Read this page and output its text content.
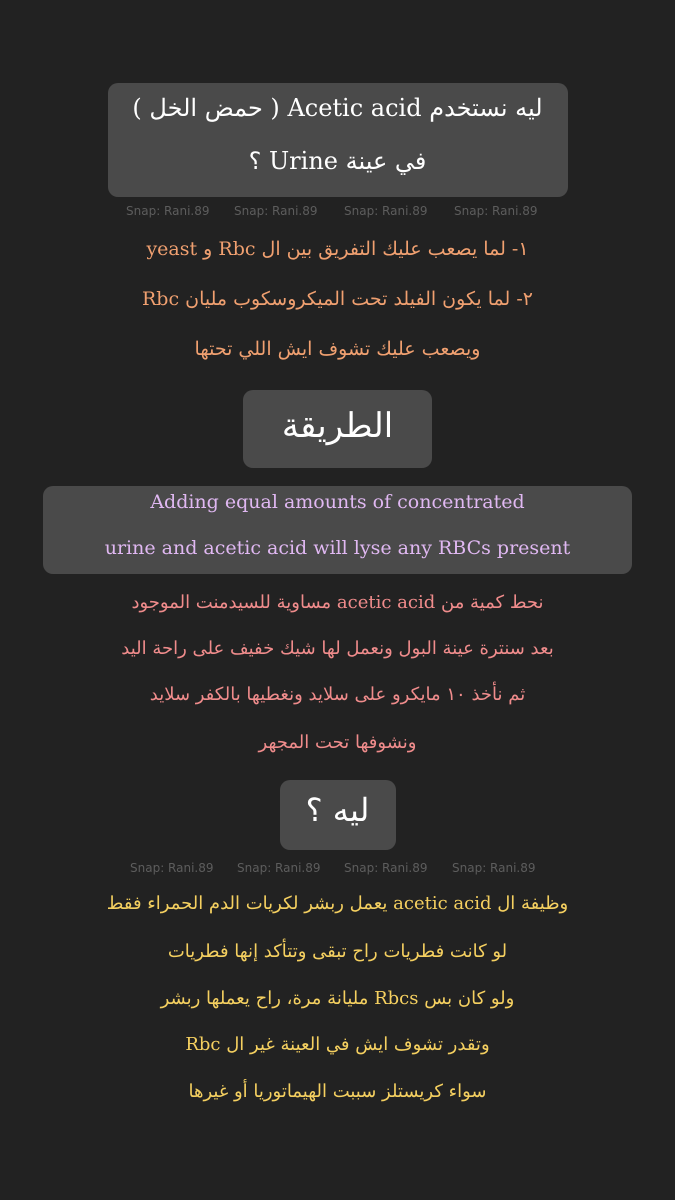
ليه نستخدم Acetic acid ( حمض الخل )
في عينة Urine ؟
Snap: Rani.89 Snap: Rani.89 Snap: Rani.89 Snap: Rani.89
١- لما يصعب عليك التفريق بين ال Rbc و yeast
٢- لما يكون الفيلد تحت الميكروسكوب مليان Rbc
ويصعب عليك تشوف ايش اللي تحتها
الطريقة
Adding equal amounts of concentrated
urine and acetic acid will lyse any RBCs present
نحط كمية من acetic acid مساوية للسيدمنت الموجود
بعد سنترة عينة البول ونعمل لها شيك خفيف على راحة اليد
ثم نأخذ ١٠ مايكرو على سلايد ونغطيها بالكفر سلايد
ونشوفها تحت المجهر
ليه ؟
Snap: Rani.89 Snap: Rani.89 Snap: Rani.89 Snap: Rani.89
وظيفة ال acetic acid يعمل ربشر لكريات الدم الحمراء فقط
لو كانت فطريات راح تبقى وتتأكد إنها فطريات
ولو كان بس Rbcs مليانة مرة، راح يعملها ربشر
وتقدر تشوف ايش في العينة غير ال Rbc
سواء كريستلز سببت الهيماتوريا أو غيرها
